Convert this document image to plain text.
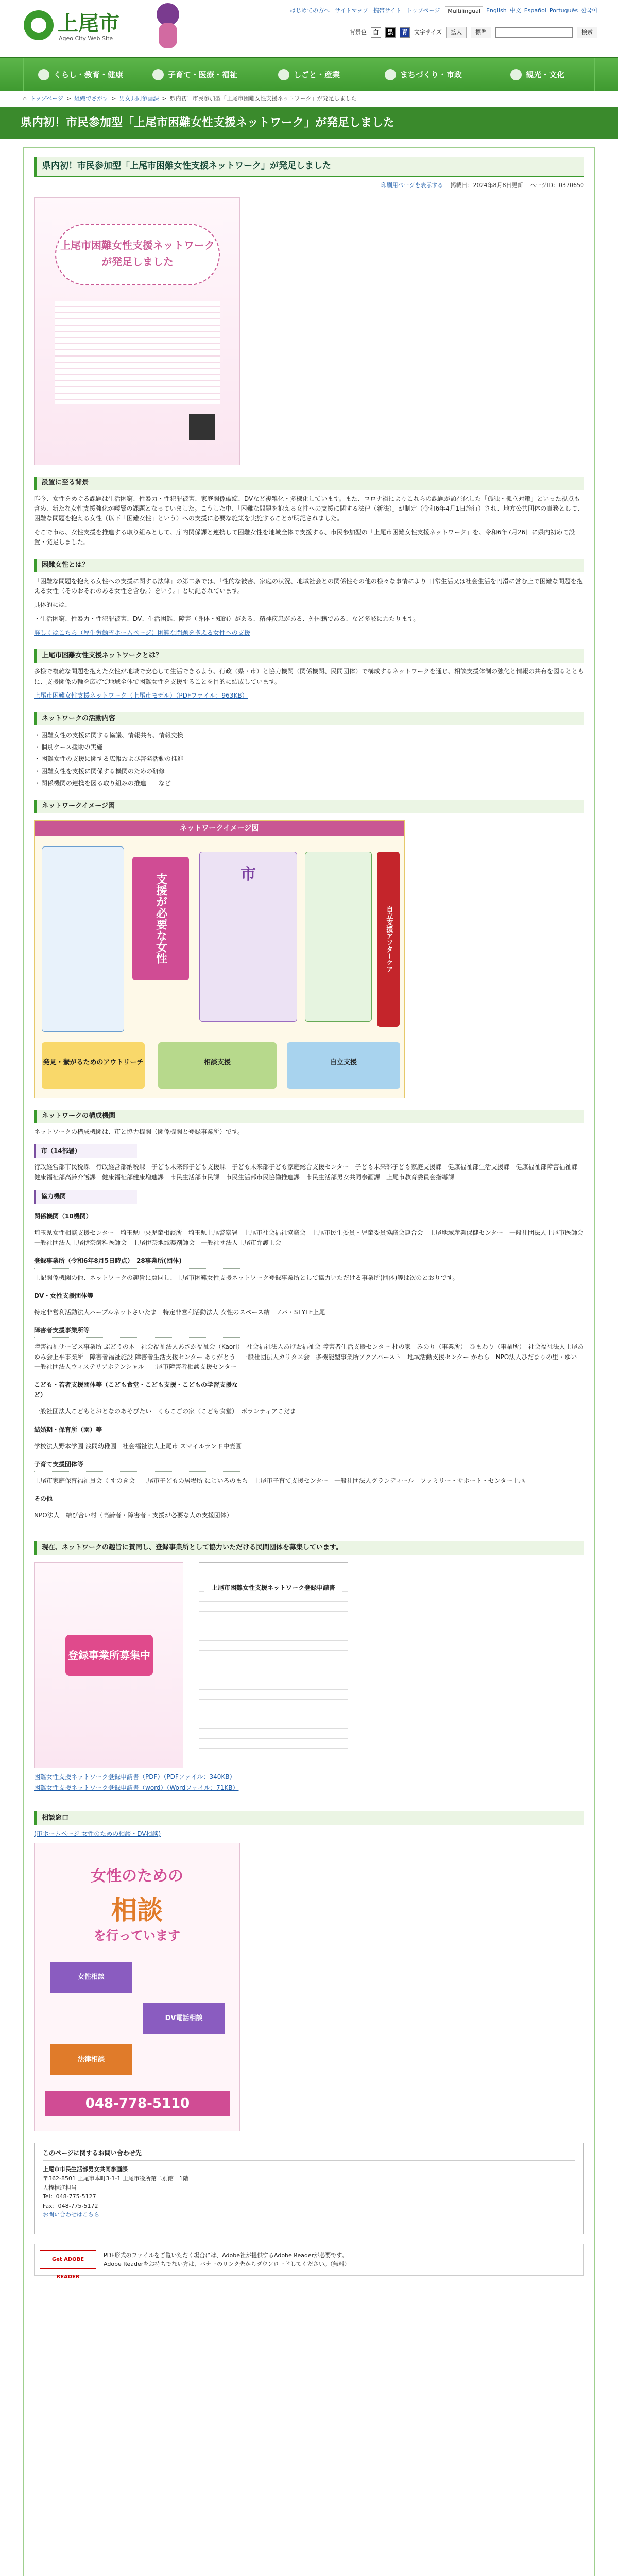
上尾市
Ageo City Web Site
はじめての方へ サイトマップ 携帯サイト トップページ	Multilingual	English 中文 Español Português 한국어
背景色	白	黒	青	文字サイズ	拡大	標準	検索
くらし・教育・健康	子育て・医療・福祉	しごと・産業	まちづくり・市政	観光・文化
⌂ トップページ > 組織でさがす > 男女共同参画課 > 県内初！市民参加型「上尾市困難女性支援ネットワーク」が発足しました
県内初！市民参加型「上尾市困難女性支援ネットワーク」が発足しました
県内初！市民参加型「上尾市困難女性支援ネットワーク」が発足しました
印刷用ページを表示する 掲載日：2024年8月8日更新 ページID：0370650
上尾市困難女性支援ネットワークが発足しました
設置に至る背景

昨今、女性をめぐる課題は生活困窮、性暴力・性犯罪被害、家庭関係破綻、DVなど複雑化・多様化しています。また、コロナ禍によりこれらの課題が顕在化した「孤独・孤立対策」といった視点も含め、新たな女性支援強化が喫緊の課題となっていました。こうした中、「困難な問題を抱える女性への支援に関する法律（新法）」が制定（令和6年4月1日施行）され、地方公共団体の責務として、困難な問題を抱える女性（以下「困難女性」という）への支援に必要な施策を実施することが明記されました。

そこで市は、女性支援を推進する取り組みとして、庁内関係課と連携して困難女性を地域全体で支援する、市民参加型の「上尾市困難女性支援ネットワーク」を、令和6年7月26日に県内初めて設置・発足しました。

困難女性とは？

「困難な問題を抱える女性への支援に関する法律」の第二条では、「性的な被害、家庭の状況、地域社会との関係性その他の様々な事情により 日常生活又は社会生活を円滑に営む上で困難な問題を抱える女性（そのおそれのある女性を含む。）をいう。」と明記されています。

具体的には、

・生活困窮、性暴力・性犯罪被害、DV、生活困難、障害（身体・知的）がある、精神疾患がある、外国籍である、など多岐にわたります。

詳しくはこちら（厚生労働省ホームページ）困難な問題を抱える女性への支援

上尾市困難女性支援ネットワークとは？

多様で複雑な問題を抱えた女性が地域で安心して生活できるよう、行政（県・市）と協力機関（関係機関、民間団体）で構成するネットワークを通じ、相談支援体制の強化と情報の共有を図るとともに、支援関係の輪を広げて地域全体で困難女性を支援することを目的に結成しています。

上尾市困難女性支援ネットワーク（上尾市モデル）（PDFファイル：963KB）

ネットワークの活動内容
・ 困難女性の支援に関する協議、情報共有、情報交換
・ 個別ケース援助の実施
・ 困難女性の支援に関する広報および啓発活動の推進
・ 困難女性を支援に関係する機関のための研修
・ 関係機関の連携を図る取り組みの推進　　など
ネットワークイメージ図
ネットワークイメージ図
支援が必要な女性	市
自立支援アフターケア
発見・繋がるためのアウトリーチ	相談支援	自立支援
ネットワークの構成機関

ネットワークの構成機関は、市と協力機関（関係機関と登録事業所）です。

市（14部署）

行政経営部市民税課　行政経営部納税課　子ども未来部子ども支援課　子ども未来部子ども家庭総合支援センター　子ども未来部子ども家庭支援課　健康福祉部生活支援課　健康福祉部障害福祉課　健康福祉部高齢介護課　健康福祉部健康増進課　市民生活部市民課　市民生活部市民協働推進課　市民生活部男女共同参画課　上尾市教育委員会指導課

協力機関
関係機関（10機関）

埼玉県女性相談支援センター　埼玉県中央児童相談所　埼玉県上尾警察署　上尾市社会福祉協議会　上尾市民生委員・児童委員協議会連合会　上尾地域産業保健センター　一般社団法人上尾市医師会　一般社団法人上尾伊奈歯科医師会　上尾伊奈地域薬剤師会　一般社団法人上尾市弁護士会

登録事業所（令和6年8月5日時点）　28事業所(団体)

上記関係機関の他、ネットワークの趣旨に賛同し、上尾市困難女性支援ネットワーク登録事業所として協力いただける事業所(団体)等は次のとおりです。

DV・女性支援団体等

特定非営利活動法人パープルネットさいたま　特定非営利活動法人 女性のスペース結　ノバ・STYLE上尾

障害者支援事業所等

障害福祉サービス事業所 ぶどうの木　社会福祉法人あさか福祉会（Kaori）　社会福祉法人あげお福祉会 障害者生活支援センター 杜の家　みのり（事業所）　ひまわり（事業所）　社会福祉法人上尾あゆみ会上平事業所　障害者福祉施設 障害者生活支援センター ありがとう　一般社団法人カリタス会　多機能型事業所アクアバースト　地域活動支援センター かわら　NPO法人ひだまりの里・ゆい　一般社団法人ウィステリアポテンシャル　上尾市障害者相談支援センター

こども・若者支援団体等（こども食堂・こども支援・こどもの学習支援など）

一般社団法人こどもとおとなのあそびたい　くらこごの家（こども食堂）　ボランティアこだま

結婚期・保育所（園）等

学校法人野本学園 浅間幼稚園　社会福祉法人上尾市 スマイルランド中妻園

子育て支援団体等

上尾市家庭保育福祉員会 くすのき会　上尾市子どもの居場所 にじいろのまち　上尾市子育て支援センター　一般社団法人グランディール　ファミリー・サポート・センター上尾

その他

NPO法人　結び合い村（高齢者・障害者・支援が必要な人の支援団体）

現在、ネットワークの趣旨に賛同し、登録事業所として協力いただける民間団体を募集しています。
登録事業所募集中
上尾市困難女性支援ネットワーク登録申請書

困難女性支援ネットワーク登録申請書（PDF）（PDFファイル：340KB）

困難女性支援ネットワーク登録申請書（word）（Wordファイル：71KB）

相談窓口

(市ホームページ 女性のための相談・DV相談)

女性のための
相談
を行っています
女性相談
DV電話相談
法律相談
048-778-5110
このページに関するお問い合わせ先
上尾市市民生活部男女共同参画課
〒362-8501 上尾市本町3-1-1 上尾市役所第二別館　1階
人権推進担当
Tel：048-775-5127
Fax：048-775-5172
お問い合わせはこちら
Get ADOBE READER
PDF形式のファイルをご覧いただく場合には、Adobe社が提供するAdobe Readerが必要です。
Adobe Readerをお持ちでない方は、バナーのリンク先からダウンロードしてください。（無料）
